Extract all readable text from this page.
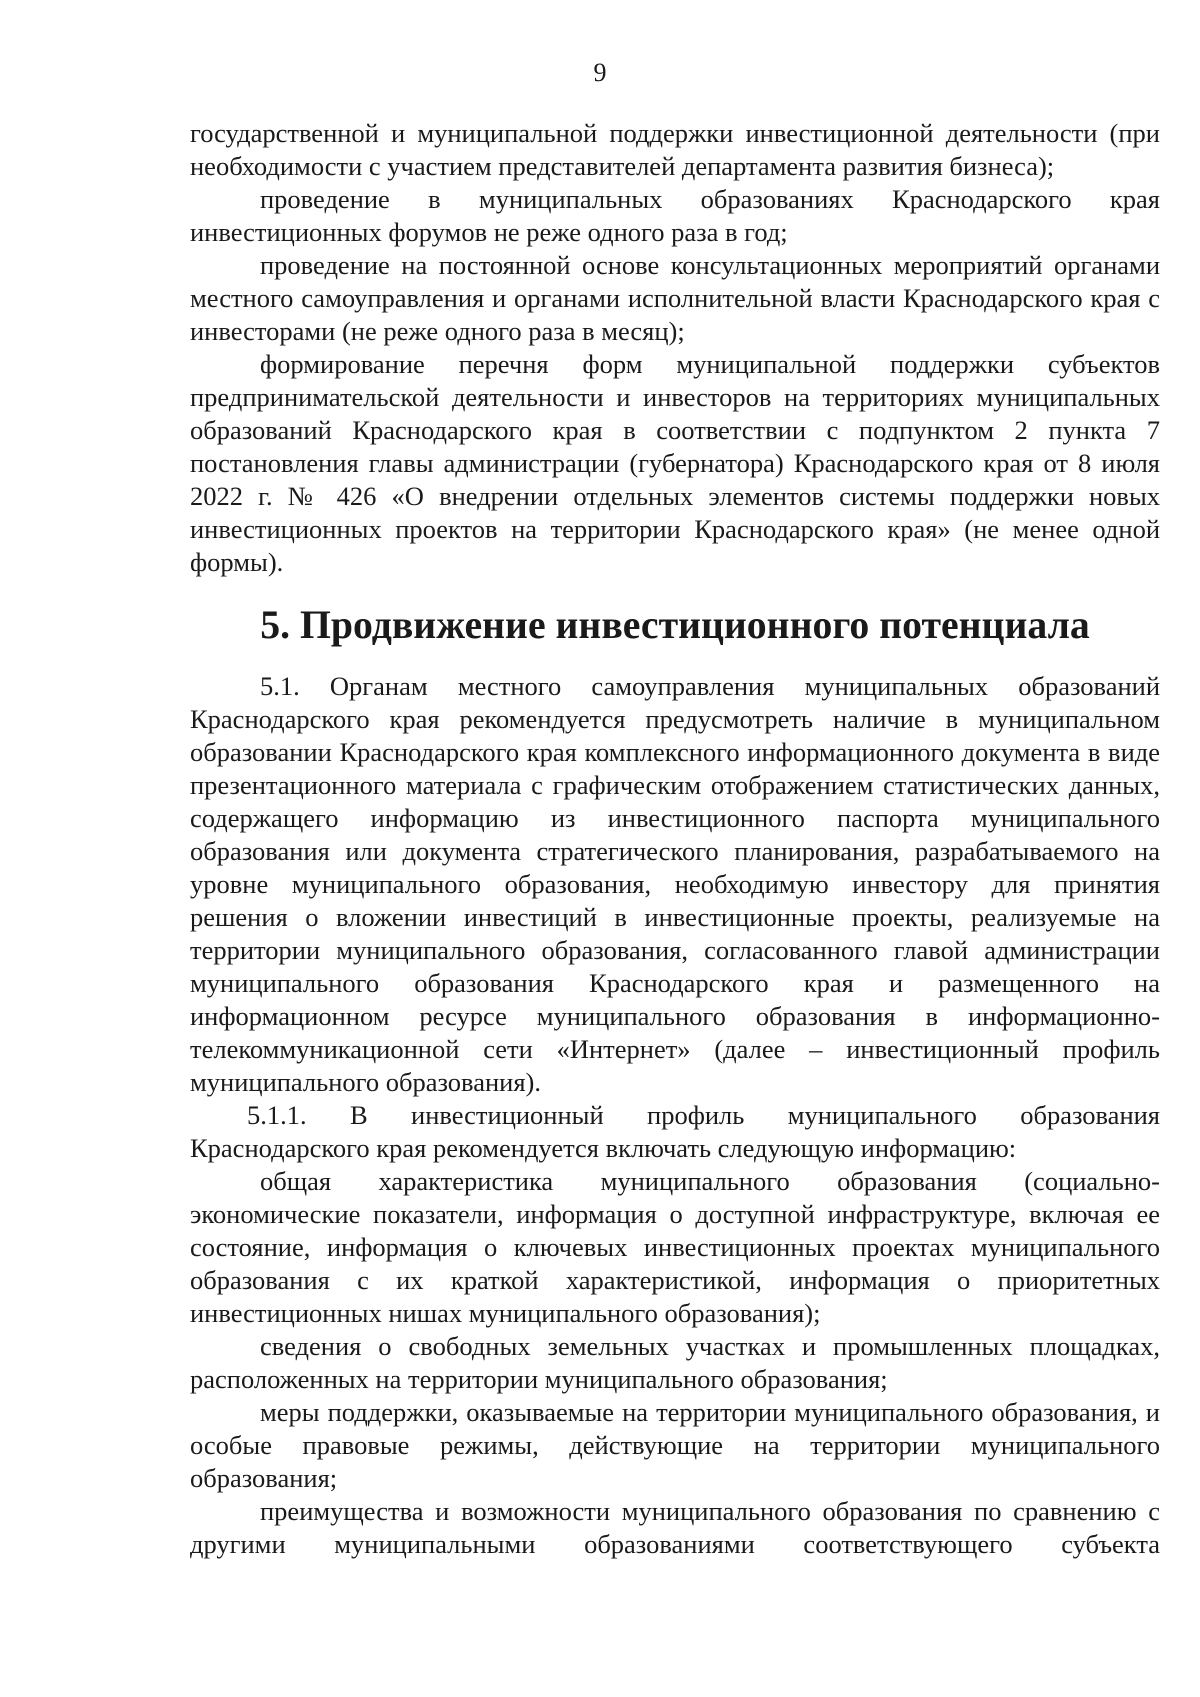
9

государственной и муниципальной поддержки инвестиционной деятельности (при необходимости с участием представителей департамента развития бизнеса);

проведение в муниципальных образованиях Краснодарского края инвестиционных форумов не реже одного раза в год;

проведение на постоянной основе консультационных мероприятий органами местного самоуправления и органами исполнительной власти Краснодарского края с инвесторами (не реже одного раза в месяц);

формирование перечня форм муниципальной поддержки субъектов предпринимательской деятельности и инвесторов на территориях муниципальных образований Краснодарского края в соответствии с подпунктом 2 пункта 7 постановления главы администрации (губернатора) Краснодарского края от 8 июля 2022 г. № 426 «О внедрении отдельных элементов системы поддержки новых инвестиционных проектов на территории Краснодарского края» (не менее одной формы).

5. Продвижение инвестиционного потенциала

5.1. Органам местного самоуправления муниципальных образований Краснодарского края рекомендуется предусмотреть наличие в муниципальном образовании Краснодарского края комплексного информационного документа в виде презентационного материала с графическим отображением статистических данных, содержащего информацию из инвестиционного паспорта муниципального образования или документа стратегического планирования, разрабатываемого на уровне муниципального образования, необходимую инвестору для принятия решения о вложении инвестиций в инвестиционные проекты, реализуемые на территории муниципального образования, согласованного главой администрации муниципального образования Краснодарского края и размещенного на информационном ресурсе муниципального образования в информационно-телекоммуникационной сети «Интернет» (далее – инвестиционный профиль муниципального образования).

5.1.1. В инвестиционный профиль муниципального образования Краснодарского края рекомендуется включать следующую информацию:

общая характеристика муниципального образования (социально-экономические показатели, информация о доступной инфраструктуре, включая ее состояние, информация о ключевых инвестиционных проектах муниципального образования с их краткой характеристикой, информация о приоритетных инвестиционных нишах муниципального образования);

сведения о свободных земельных участках и промышленных площадках, расположенных на территории муниципального образования;

меры поддержки, оказываемые на территории муниципального образования, и особые правовые режимы, действующие на территории муниципального образования;

преимущества и возможности муниципального образования по сравнению с другими муниципальными образованиями соответствующего субъекта
